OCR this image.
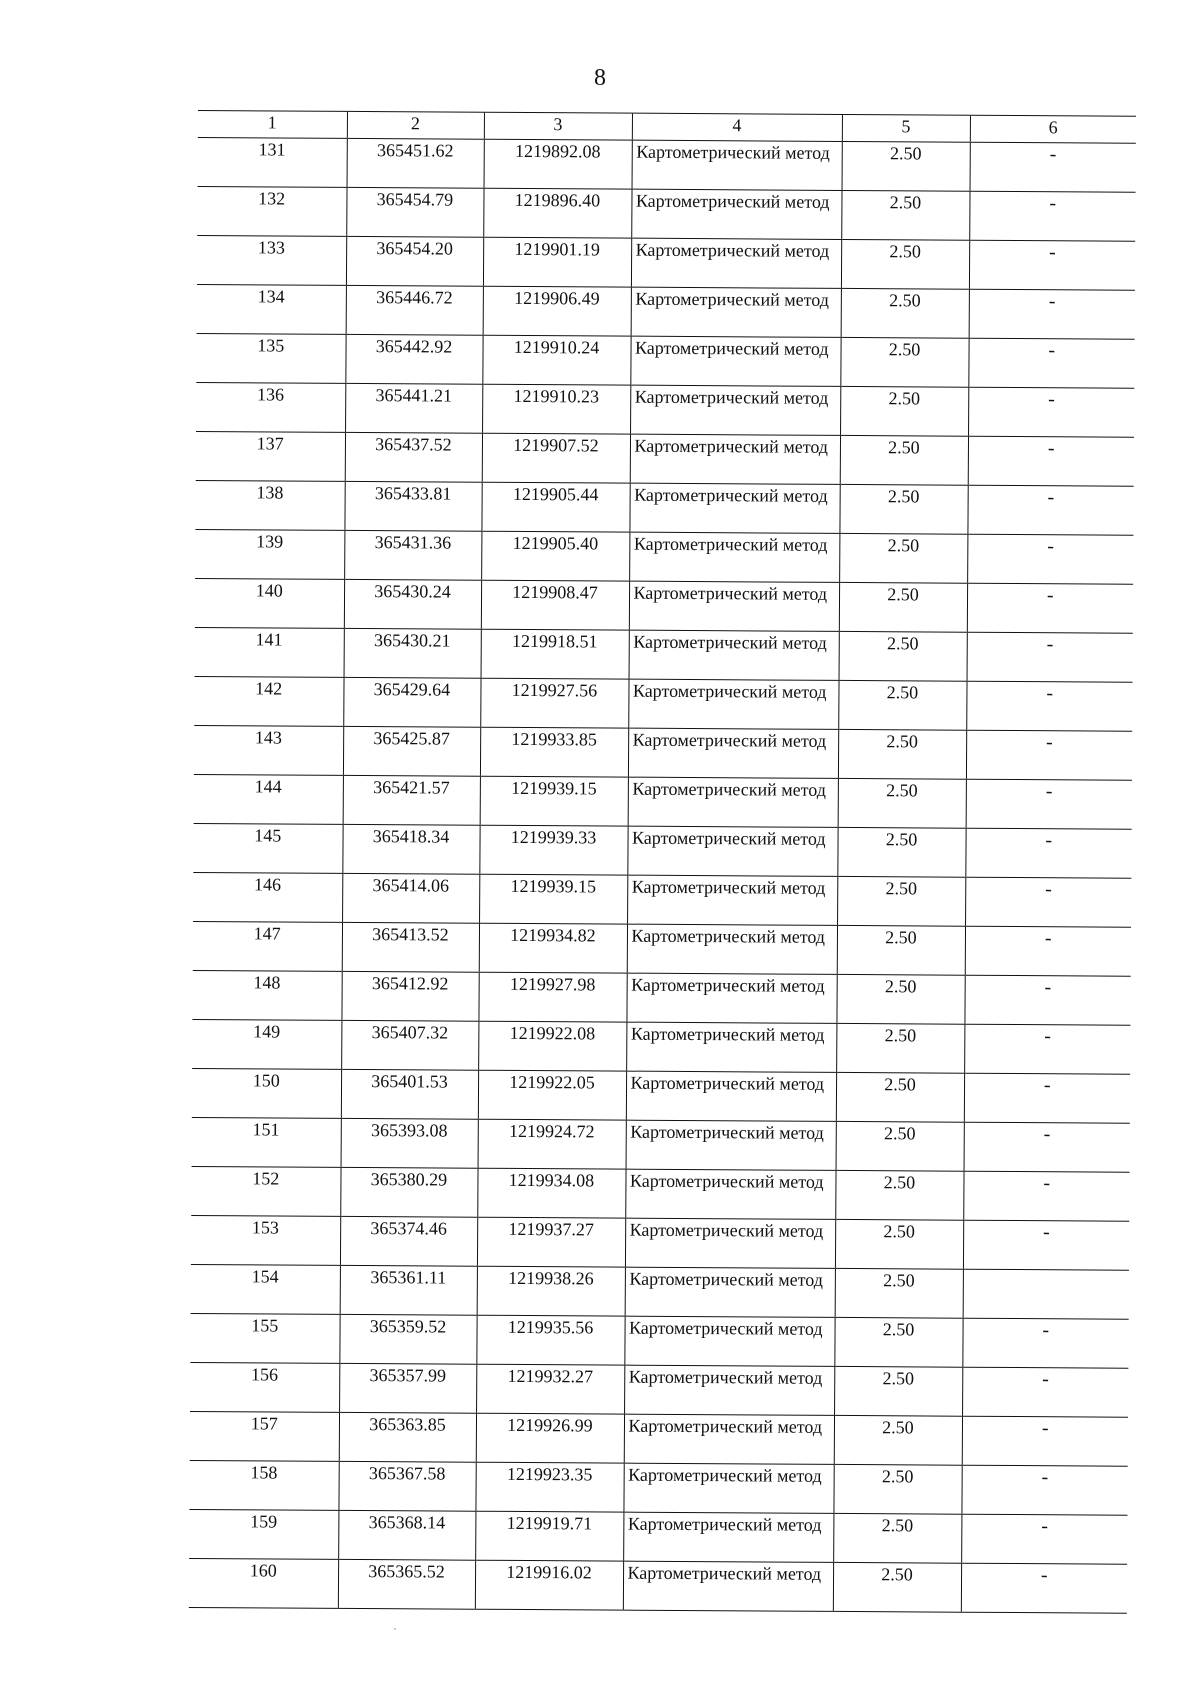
8
1	2	3	4	5	6
131	365451.62	1219892.08	Картометрический метод	2.50	-
132	365454.79	1219896.40	Картометрический метод	2.50	-
133	365454.20	1219901.19	Картометрический метод	2.50	-
134	365446.72	1219906.49	Картометрический метод	2.50	-
135	365442.92	1219910.24	Картометрический метод	2.50	-
136	365441.21	1219910.23	Картометрический метод	2.50	-
137	365437.52	1219907.52	Картометрический метод	2.50	-
138	365433.81	1219905.44	Картометрический метод	2.50	-
139	365431.36	1219905.40	Картометрический метод	2.50	-
140	365430.24	1219908.47	Картометрический метод	2.50	-
141	365430.21	1219918.51	Картометрический метод	2.50	-
142	365429.64	1219927.56	Картометрический метод	2.50	-
143	365425.87	1219933.85	Картометрический метод	2.50	-
144	365421.57	1219939.15	Картометрический метод	2.50	-
145	365418.34	1219939.33	Картометрический метод	2.50	-
146	365414.06	1219939.15	Картометрический метод	2.50	-
147	365413.52	1219934.82	Картометрический метод	2.50	-
148	365412.92	1219927.98	Картометрический метод	2.50	-
149	365407.32	1219922.08	Картометрический метод	2.50	-
150	365401.53	1219922.05	Картометрический метод	2.50	-
151	365393.08	1219924.72	Картометрический метод	2.50	-
152	365380.29	1219934.08	Картометрический метод	2.50	-
153	365374.46	1219937.27	Картометрический метод	2.50	-
154	365361.11	1219938.26	Картометрический метод	2.50	
155	365359.52	1219935.56	Картометрический метод	2.50	-
156	365357.99	1219932.27	Картометрический метод	2.50	-
157	365363.85	1219926.99	Картометрический метод	2.50	-
158	365367.58	1219923.35	Картометрический метод	2.50	-
159	365368.14	1219919.71	Картометрический метод	2.50	-
160	365365.52	1219916.02	Картометрический метод	2.50	-
